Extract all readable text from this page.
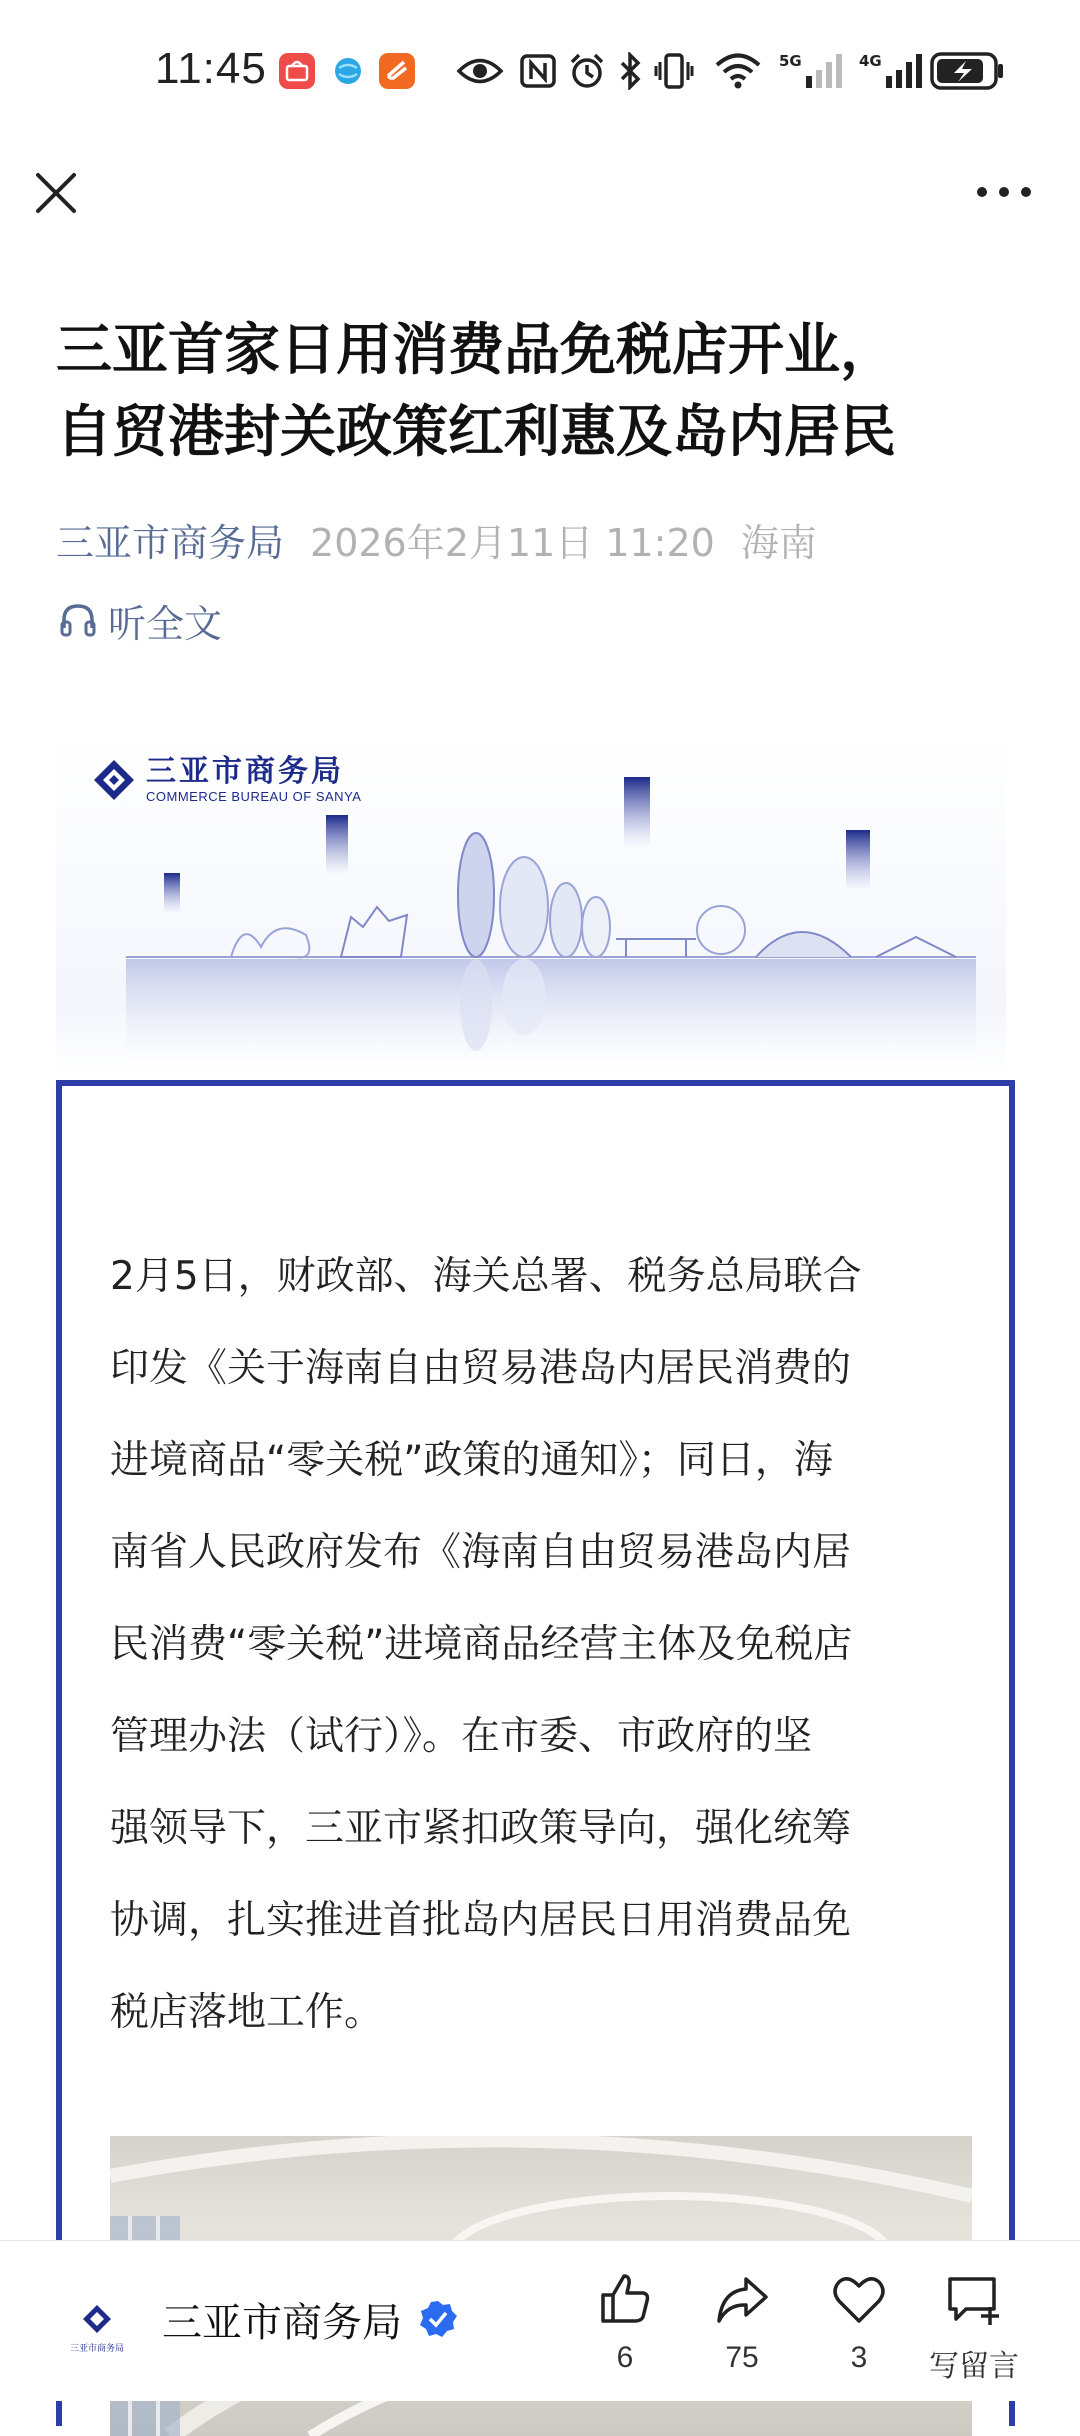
11:45	5G	4G
三亚首家日用消费品免税店开业，
自贸港封关政策红利惠及岛内居民
三亚市商务局 2026年2月11日 11:20 海南
听全文
三亚市商务局
COMMERCE BUREAU OF SANYA
2月5日，财政部、海关总署、税务总局联合
印发《关于海南自由贸易港岛内居民消费的
进境商品“零关税”政策的通知》；同日，海
南省人民政府发布《海南自由贸易港岛内居
民消费“零关税”进境商品经营主体及免税店
管理办法（试行）》。在市委、市政府的坚
强领导下，三亚市紧扣政策导向，强化统筹
协调，扎实推进首批岛内居民日用消费品免
税店落地工作。
三亚市商务局
三亚市商务局
6	75	3	写留言
